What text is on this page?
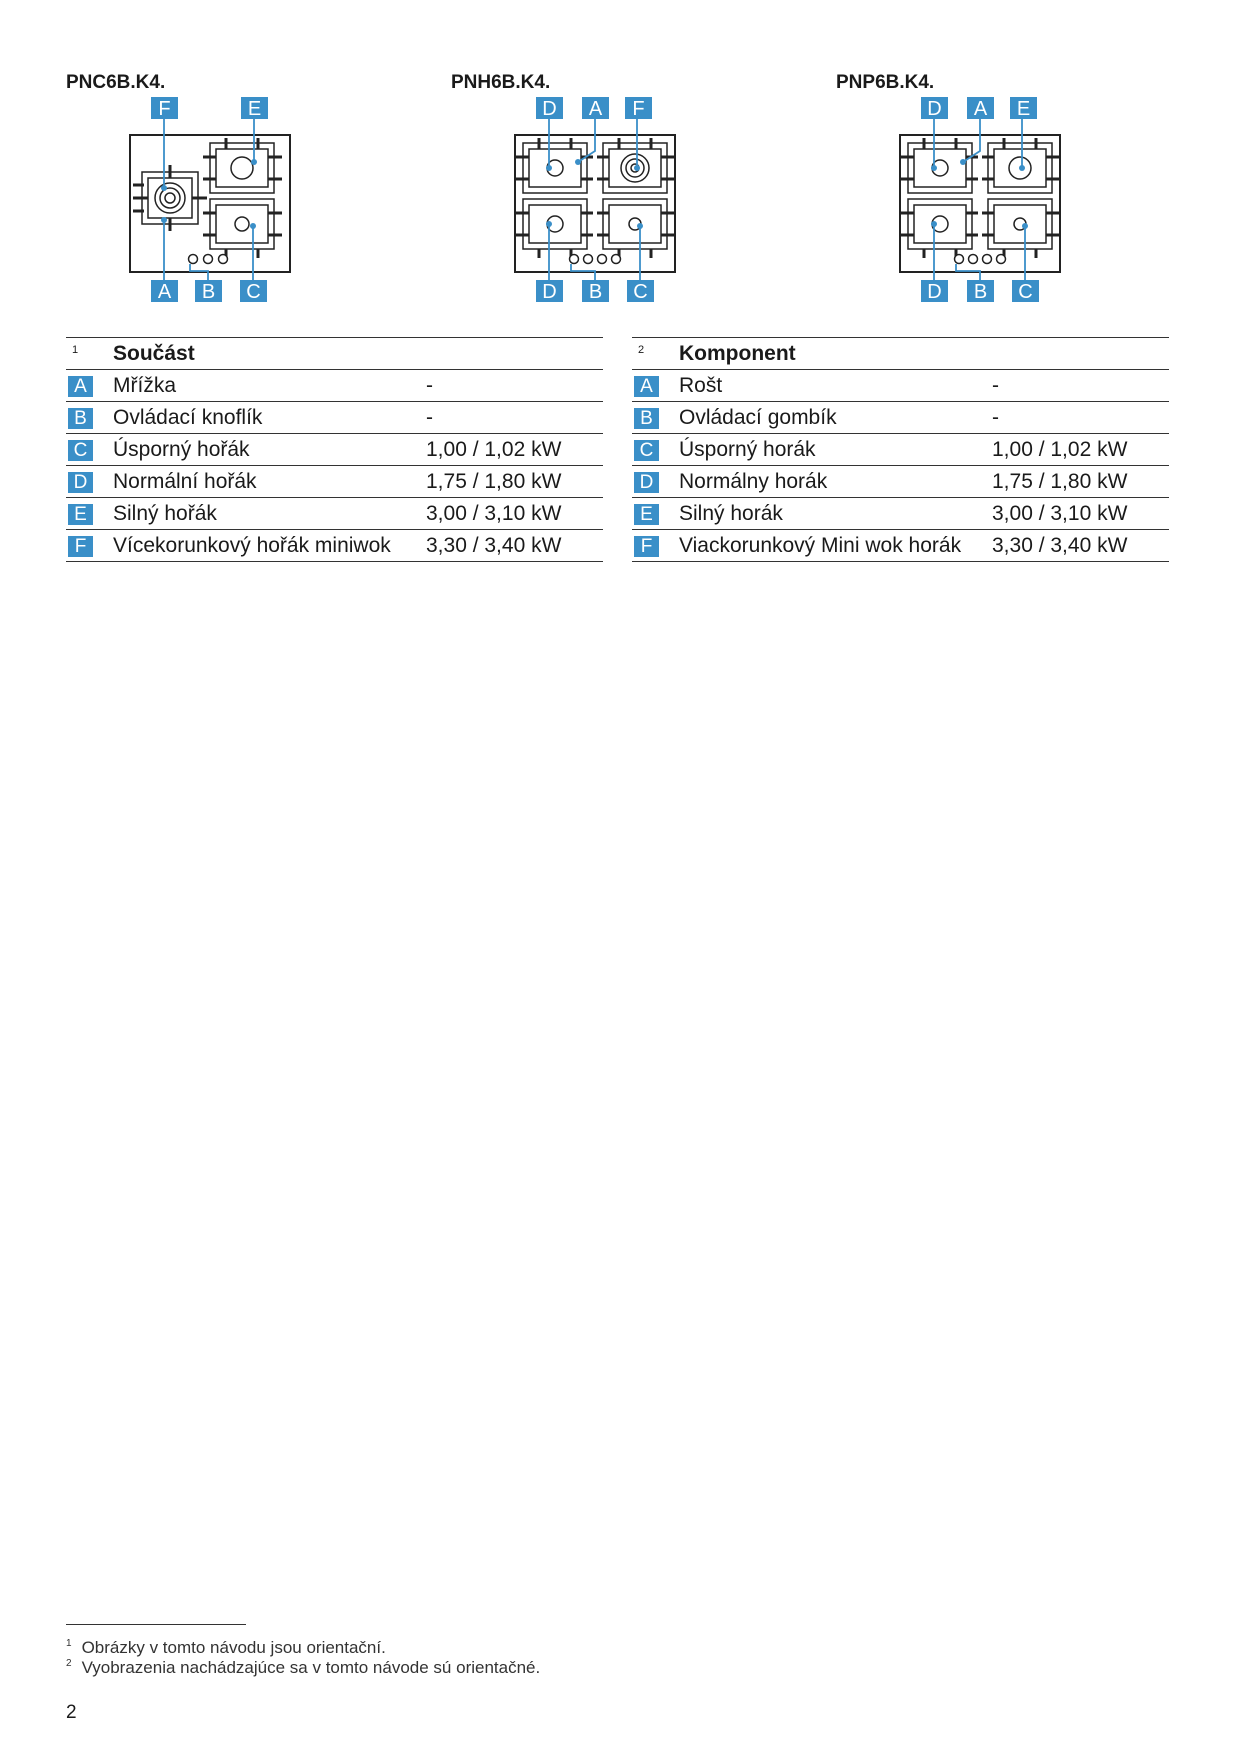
PNC6B.K4.	PNH6B.K4.	PNP6B.K4.
F	E
A B C
D A F
D B C
D A E
D B C
$^1$	Součást	
A	Mřížka	-
B	Ovládací knoflík	-
C	Úsporný hořák	1,00 / 1,02 kW
D	Normální hořák	1,75 / 1,80 kW
E	Silný hořák	3,00 / 3,10 kW
F	Vícekorunkový hořák miniwok	3,30 / 3,40 kW
$^2$	Komponent	
A	Rošt	-
B	Ovládací gombík	-
C	Úsporný horák	1,00 / 1,02 kW
D	Normálny horák	1,75 / 1,80 kW
E	Silný horák	3,00 / 3,10 kW
F	Viackorunkový Mini wok horák	3,30 / 3,40 kW
$^1$ Obrázky v tomto návodu jsou orientační.
$^2$ Vyobrazenia nachádzajúce sa v tomto návode sú orientačné.
2
